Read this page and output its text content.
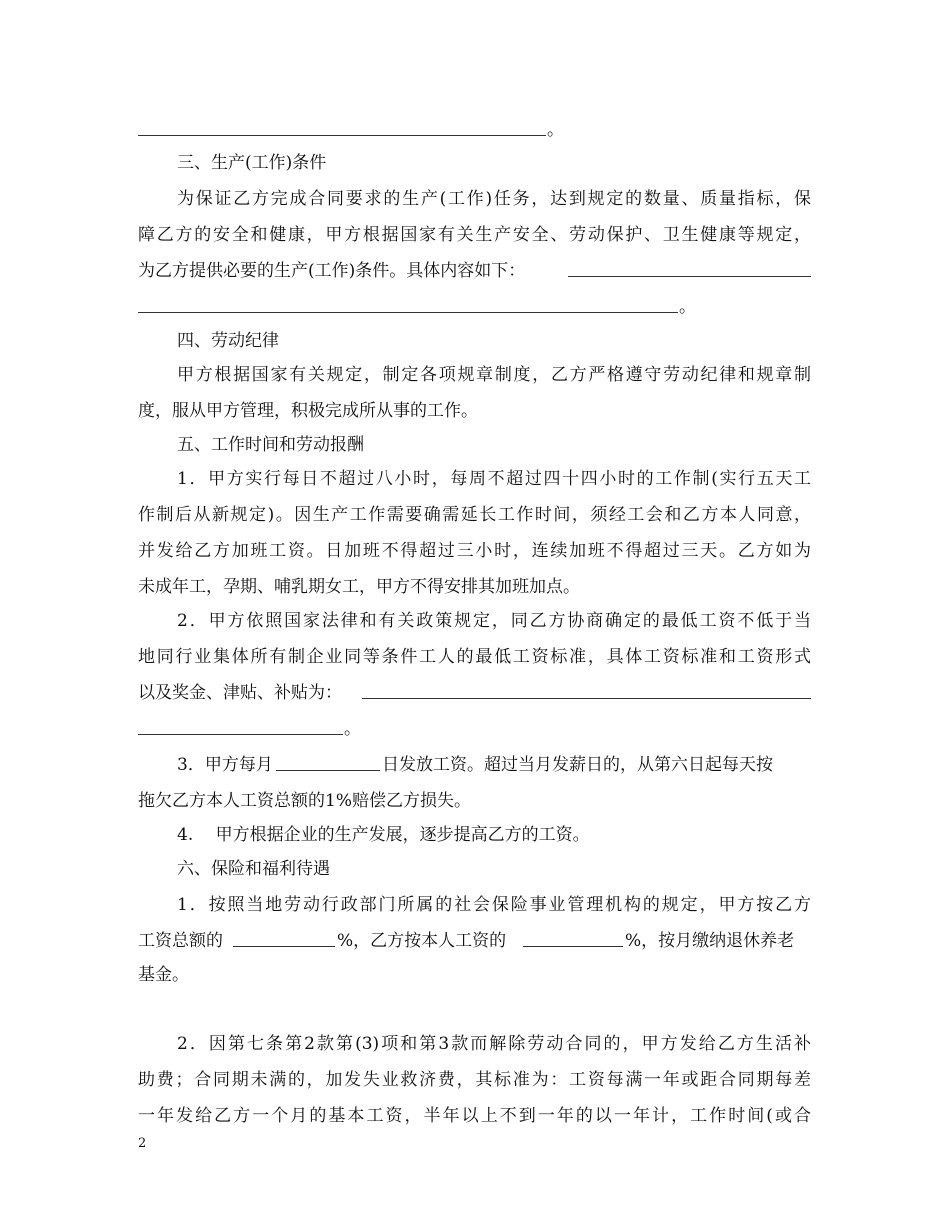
。
三、生产(工作)条件
为保证乙方完成合同要求的生产(工作)任务，达到规定的数量、质量指标，保
障乙方的安全和健康，甲方根据国家有关生产安全、劳动保护、卫生健康等规定，
为乙方提供必要的生产(工作)条件。具体内容如下：
。
四、劳动纪律
甲方根据国家有关规定，制定各项规章制度，乙方严格遵守劳动纪律和规章制
度，服从甲方管理，积极完成所从事的工作。
五、工作时间和劳动报酬
1．甲方实行每日不超过八小时，每周不超过四十四小时的工作制(实行五天工
作制后从新规定)。因生产工作需要确需延长工作时间，须经工会和乙方本人同意，
并发给乙方加班工资。日加班不得超过三小时，连续加班不得超过三天。乙方如为
未成年工，孕期、哺乳期女工，甲方不得安排其加班加点。
2．甲方依照国家法律和有关政策规定，同乙方协商确定的最低工资不低于当
地同行业集体所有制企业同等条件工人的最低工资标准，具体工资标准和工资形式
以及奖金、津贴、补贴为：
。
3．甲方每月	日发放工资。超过当月发薪日的，从第六日起每天按
拖欠乙方本人工资总额的1%赔偿乙方损失。
4.　 甲方根据企业的生产发展，逐步提高乙方的工资。
六、保险和福利待遇
1．按照当地劳动行政部门所属的社会保险事业管理机构的规定，甲方按乙方
工资总额的	%，乙方按本人工资的	%，按月缴纳退休养老
基金。
2．因第七条第2款第(3)项和第3款而解除劳动合同的，甲方发给乙方生活补
助费；合同期未满的，加发失业救济费，其标准为：工资每满一年或距合同期每差
一年发给乙方一个月的基本工资，半年以上不到一年的以一年计，工作时间(或合
2
